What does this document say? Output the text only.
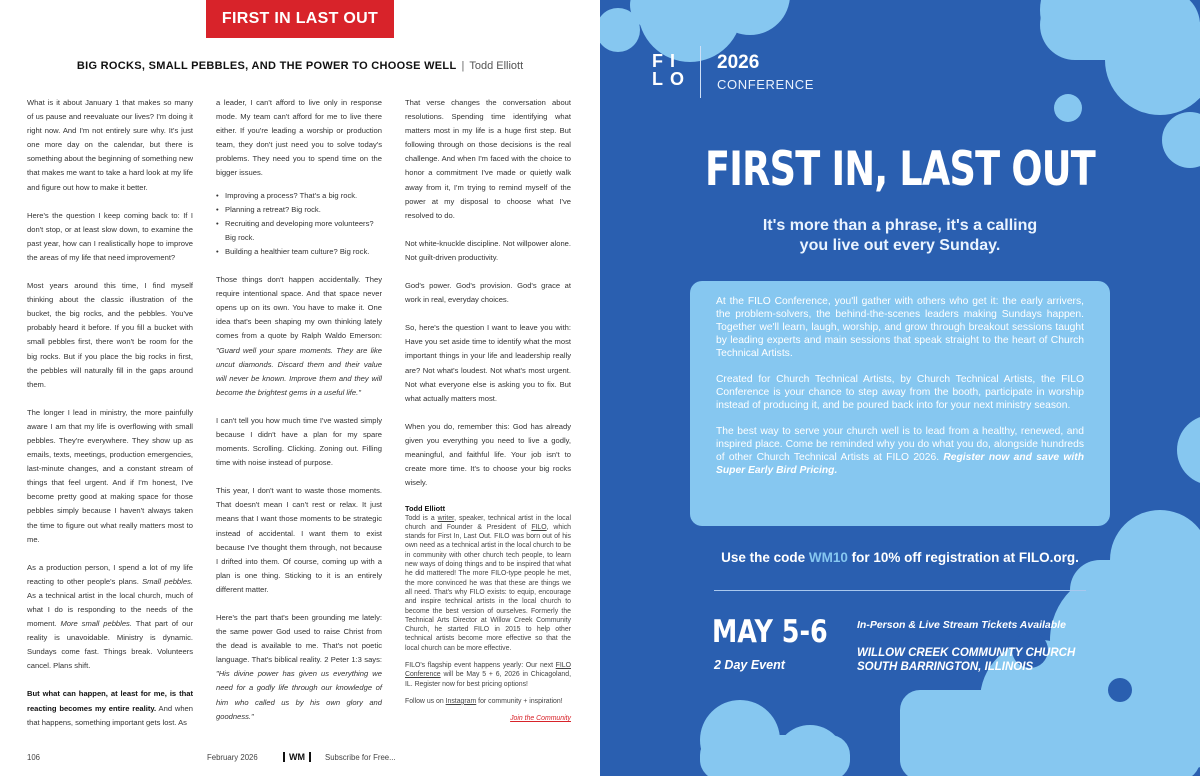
FIRST IN LAST OUT
BIG ROCKS, SMALL PEBBLES, AND THE POWER TO CHOOSE WELL | Todd Elliott

What is it about January 1 that makes so many of us pause and reevaluate our lives? I'm doing it right now. And I'm not entirely sure why. It's just one more day on the calendar, but there is something about the beginning of something new that makes me want to take a hard look at my life and figure out how to make it better.

Here's the question I keep coming back to: If I don't stop, or at least slow down, to examine the past year, how can I realistically hope to improve the areas of my life that need improvement?

Most years around this time, I find myself thinking about the classic illustration of the bucket, the big rocks, and the pebbles. You've probably heard it before. If you fill a bucket with small pebbles first, there won't be room for the big rocks. But if you place the big rocks in first, the pebbles will naturally fill in the gaps around them.

The longer I lead in ministry, the more painfully aware I am that my life is overflowing with small pebbles. They're everywhere. They show up as emails, texts, meetings, production emergencies, last-minute changes, and a constant stream of things that feel urgent. And if I'm honest, I've become pretty good at making space for those pebbles simply because I haven't always taken the time to figure out what really matters most to me.

As a production person, I spend a lot of my life reacting to other people's plans. Small pebbles. As a technical artist in the local church, much of what I do is responding to the needs of the moment. More small pebbles. That part of our reality is unavoidable. Ministry is dynamic. Sundays come fast. Things break. Volunteers cancel. Plans shift.

But what can happen, at least for me, is that reacting becomes my entire reality. And when that happens, something important gets lost. As

a leader, I can't afford to live only in response mode. My team can't afford for me to live there either. If you're leading a worship or production team, they don't just need you to solve today's problems. They need you to spend time on the bigger issues.

• Improving a process? That's a big rock.
• Planning a retreat? Big rock.
• Recruiting and developing more volunteers? Big rock.
• Building a healthier team culture? Big rock.

Those things don't happen accidentally. They require intentional space. And that space never opens up on its own. You have to make it. One idea that's been shaping my own thinking lately comes from a quote by Ralph Waldo Emerson: "Guard well your spare moments. They are like uncut diamonds. Discard them and their value will never be known. Improve them and they will become the brightest gems in a useful life."

I can't tell you how much time I've wasted simply because I didn't have a plan for my spare moments. Scrolling. Clicking. Zoning out. Filling time with noise instead of purpose.

This year, I don't want to waste those moments. That doesn't mean I can't rest or relax. It just means that I want those moments to be strategic instead of accidental. I want them to exist because I've thought them through, not because I drifted into them. Of course, coming up with a plan is one thing. Sticking to it is an entirely different matter.

Here's the part that's been grounding me lately: the same power God used to raise Christ from the dead is available to me. That's not poetic language. That's biblical reality. 2 Peter 1:3 says: "His divine power has given us everything we need for a godly life through our knowledge of him who called us by his own glory and goodness."

That verse changes the conversation about resolutions. Spending time identifying what matters most in my life is a huge first step. But following through on those decisions is the real challenge. And when I'm faced with the choice to honor a commitment I've made or quietly walk away from it, I'm trying to remind myself of the power at my disposal to choose what I've resolved to do.

Not white-knuckle discipline. Not willpower alone. Not guilt-driven productivity.

God's power. God's provision. God's grace at work in real, everyday choices.

So, here's the question I want to leave you with: Have you set aside time to identify what the most important things in your life and leadership really are? Not what's loudest. Not what's most urgent. Not what everyone else is asking you to fix. But what actually matters most.

When you do, remember this: God has already given you everything you need to live a godly, meaningful, and faithful life. Your job isn't to create more time. It's to choose your big rocks wisely.

Todd Elliott

Todd is a writer, speaker, technical artist in the local church and Founder & President of FILO, which stands for First In, Last Out. FILO was born out of his own need as a technical artist in the local church to be in community with other church tech people, to learn new ways of doing things and to be inspired that what he did mattered! The more FILO-type people he met, the more convinced he was that these are things we all need. That's why FILO exists: to equip, encourage and inspire technical artists in the local church to become the best version of ourselves. Formerly the Technical Arts Director at Willow Creek Community Church, he started FILO in 2015 to help other technical artists become more effective so that the local church can be more effective.

FILO's flagship event happens yearly: Our next FILO Conference will be May 5 + 6, 2026 in Chicagoland, IL. Register now for best pricing options!

Follow us on Instagram for community + inspiration!

Join the Community
106	February 2026	WM	Subscribe for Free...
FI
LO
2026
CONFERENCE
FIRST IN, LAST OUT
It's more than a phrase, it's a calling
you live out every Sunday.

At the FILO Conference, you'll gather with others who get it: the early arrivers, the problem-solvers, the behind-the-scenes leaders making Sundays happen. Together we'll learn, laugh, worship, and grow through breakout sessions taught by leading experts and main sessions that speak straight to the heart of Church Technical Artists.

Created for Church Technical Artists, by Church Technical Artists, the FILO Conference is your chance to step away from the booth, participate in worship instead of producing it, and be poured back into for your next ministry season.

The best way to serve your church well is to lead from a healthy, renewed, and inspired place. Come be reminded why you do what you do, alongside hundreds of other Church Technical Artists at FILO 2026. Register now and save with Super Early Bird Pricing.

Use the code WM10 for 10% off registration at FILO.org.
MAY 5-6
2 Day Event
In-Person & Live Stream Tickets Available
WILLOW CREEK COMMUNITY CHURCH
SOUTH BARRINGTON, ILLINOIS
